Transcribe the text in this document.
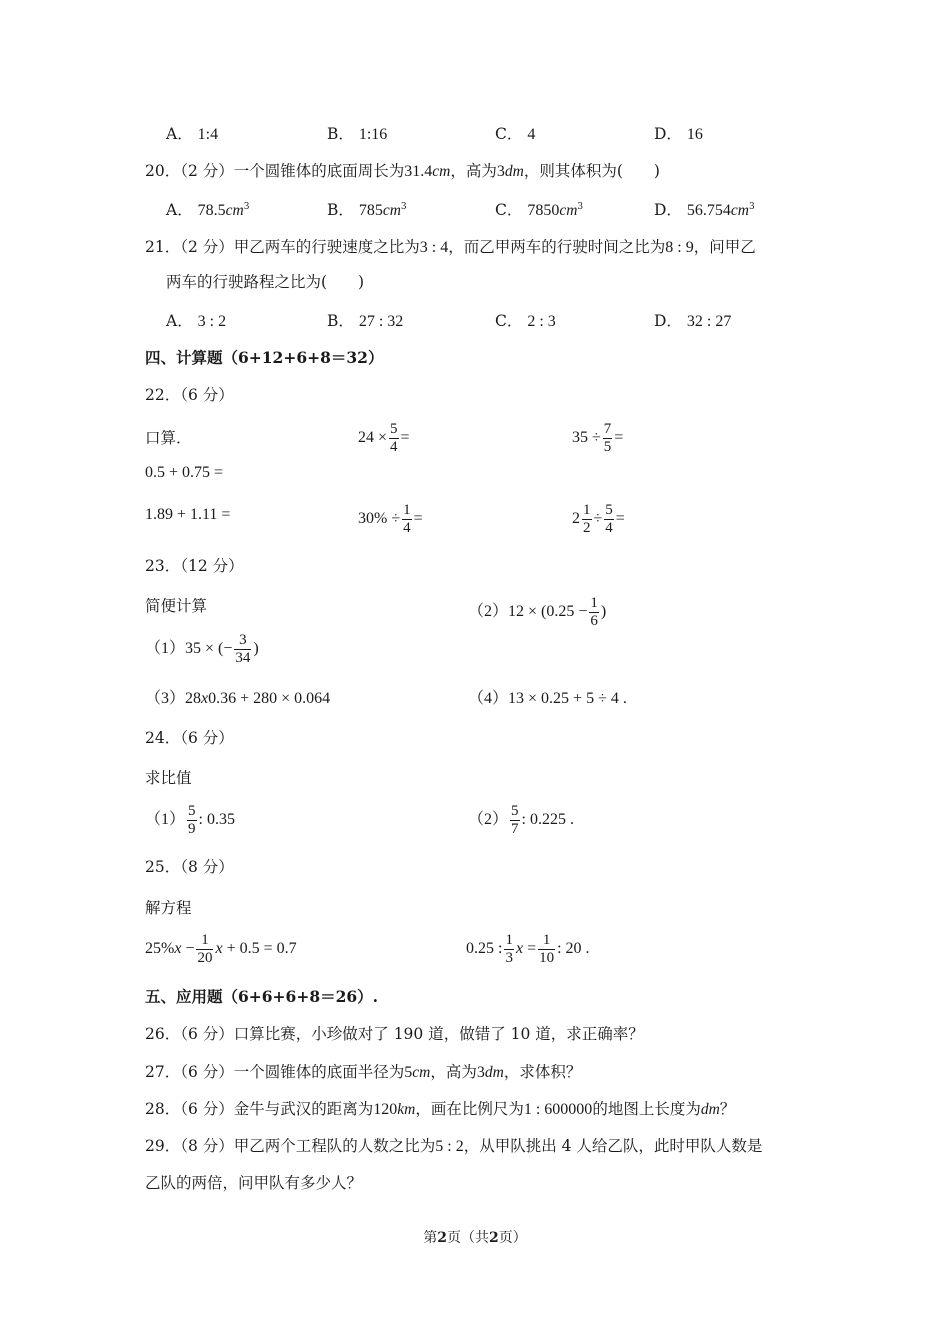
A． 1:4	B． 1:16	C． 4	D． 16
20．（2 分）一个圆锥体的底面周长为31.4cm，高为3dm，则其体积为(　　)
A． $78.5cm^3$	B． $785cm^3$	C． $7850cm^3$	D． $56.754cm^3$
21．（2 分）甲乙两车的行驶速度之比为3 : 4，而乙甲两车的行驶时间之比为8 : 9，问甲乙
两车的行驶路程之比为(　　)
A． 3 : 2	B． 27 : 32	C． 2 : 3	D． 32 : 27
四、计算题（6+12+6+8＝32）
22．（6 分）
口算．	$24 \times \frac{5}{4}$ =	$35 \div \frac{7}{5}$ =
0.5 + 0.75 =
1.89 + 1.11 =	$30\% \div \frac{1}{4}$ =	$2 \frac{1}{2} \div \frac{5}{4}$ =
23．（12 分）
简便计算	$(2)12 \times (0.25 - \frac{1}{6}$ )
（1）35 × (− $\frac{3}{34}$ )
（3）28x0.36 + 280 × 0.064	（4）13 × 0.25 + 5 ÷ 4 .
24．（6 分）
求比值
$(1) \frac{5}{9}$ : 0.35	$(2) \frac{5}{7}$ : 0.225 .
25．（8 分）
解方程
$25\%x - \frac{1}{20}$ x + 0.5 = 0.7	0.25 : $\frac{1}{3}$ $x = \frac{1}{10}$ : 20 .
五、应用题（6+6+6+8＝26）.
26．（6 分）口算比赛，小珍做对了 190 道，做错了 10 道，求正确率？
27．（6 分）一个圆锥体的底面半径为5cm，高为3dm，求体积？
28．（6 分）金牛与武汉的距离为120km，画在比例尺为1 : 600000的地图上长度为dm？
29．（8 分）甲乙两个工程队的人数之比为5 : 2，从甲队挑出 4 人给乙队，此时甲队人数是
乙队的两倍，问甲队有多少人？
第2页（共2页）
